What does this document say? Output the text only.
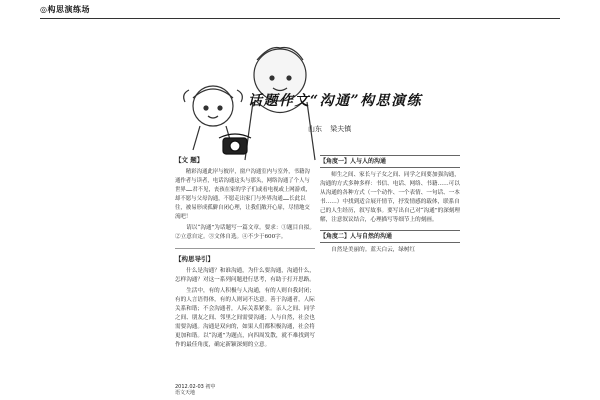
◎构思演练场
话题作文“沟通”构思演练
山东 梁夫镇
【文 题】

精彩沟通此岸与彼岸，窗户沟通室内与室外，书籍沟通作者与读者，电话沟通这头与那头，网络沟通了个人与世界……君不见，丧孩在家的学子们或看电视或上网游戏，却不愿与父母沟通，不愿走出家门与外界沟通……长此以往，被易形成孤僻自闭心理，让我们敞开心扉，尽情地交流吧！

请以“沟通”为话题写一篇文章。要求：①题目自拟。②立意自定。③文体自选。④不少于600字。

【构思导引】

什么是沟通？和谁沟通，为什么要沟通，沟通什么，怎样沟通？对这一系列问题进行思考，有助于打开思路。

生活中，有的人积极与人沟通，有的人则自我封闭；有的人言语得体，有的人则词不达意。善于沟通者，人际关系和谐；不会沟通者，人际关系紧张。亲人之间、同学之间、朋友之间、邻里之间需要沟通；人与自然，社会也需要沟通。沟通是双向的，如果人们都积极沟通，社会将更加和谐。以“沟通”为题点，向四周发散，就不难找到写作的最佳角度，确定新颖深刻的立意。

【角度一】人与人的沟通

师生之间、家长与子女之间、同学之间要加强沟通，沟通的方式多种多样：书信、电话、网络、书籍……可以从沟通的各种方式（一个动作、一个表情、一句话、一本书……）中找到适合展开情节，抒发情感的载体，联系自己的人生经历，叙写故事。要写出自己对“沟通”的深刻理解，注意叙议结合，心理描写等细节上的刻画。

【角度二】人与自然的沟通

自然是美丽的。蓝天白云，绿树红

2012.02-03 初中
语文天地
